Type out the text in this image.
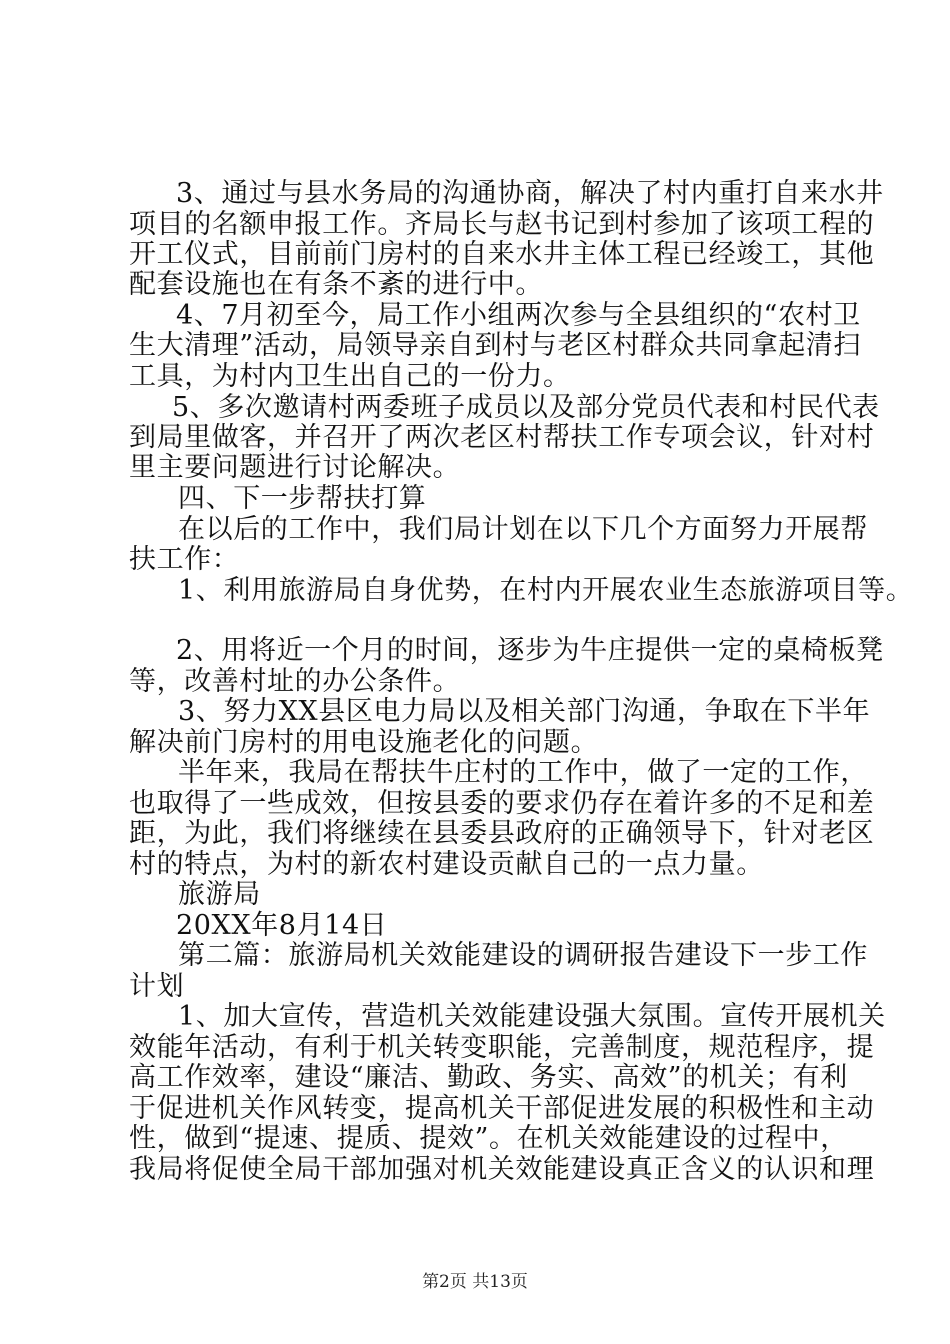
3、通过与县水务局的沟通协商，解决了村内重打自来水井
项目的名额申报工作。齐局长与赵书记到村参加了该项工程的
开工仪式，目前前门房村的自来水井主体工程已经竣工，其他
配套设施也在有条不紊的进行中。
4、7月初至今，局工作小组两次参与全县组织的“农村卫
生大清理”活动，局领导亲自到村与老区村群众共同拿起清扫
工具，为村内卫生出自己的一份力。
5、多次邀请村两委班子成员以及部分党员代表和村民代表
到局里做客，并召开了两次老区村帮扶工作专项会议，针对村
里主要问题进行讨论解决。
四、下一步帮扶打算
在以后的工作中，我们局计划在以下几个方面努力开展帮
扶工作：
1、利用旅游局自身优势，在村内开展农业生态旅游项目等。
2、用将近一个月的时间，逐步为牛庄提供一定的桌椅板凳
等，改善村址的办公条件。
3、努力XX县区电力局以及相关部门沟通，争取在下半年
解决前门房村的用电设施老化的问题。
半年来，我局在帮扶牛庄村的工作中，做了一定的工作，
也取得了一些成效，但按县委的要求仍存在着许多的不足和差
距，为此，我们将继续在县委县政府的正确领导下，针对老区
村的特点，为村的新农村建设贡献自己的一点力量。
旅游局
20XX年8月14日
第二篇：旅游局机关效能建设的调研报告建设下一步工作
计划
1、加大宣传，营造机关效能建设强大氛围。宣传开展机关
效能年活动，有利于机关转变职能，完善制度，规范程序，提
高工作效率，建设“廉洁、勤政、务实、高效”的机关；有利
于促进机关作风转变，提高机关干部促进发展的积极性和主动
性，做到“提速、提质、提效”。在机关效能建设的过程中，
我局将促使全局干部加强对机关效能建设真正含义的认识和理
第2页 共13页
